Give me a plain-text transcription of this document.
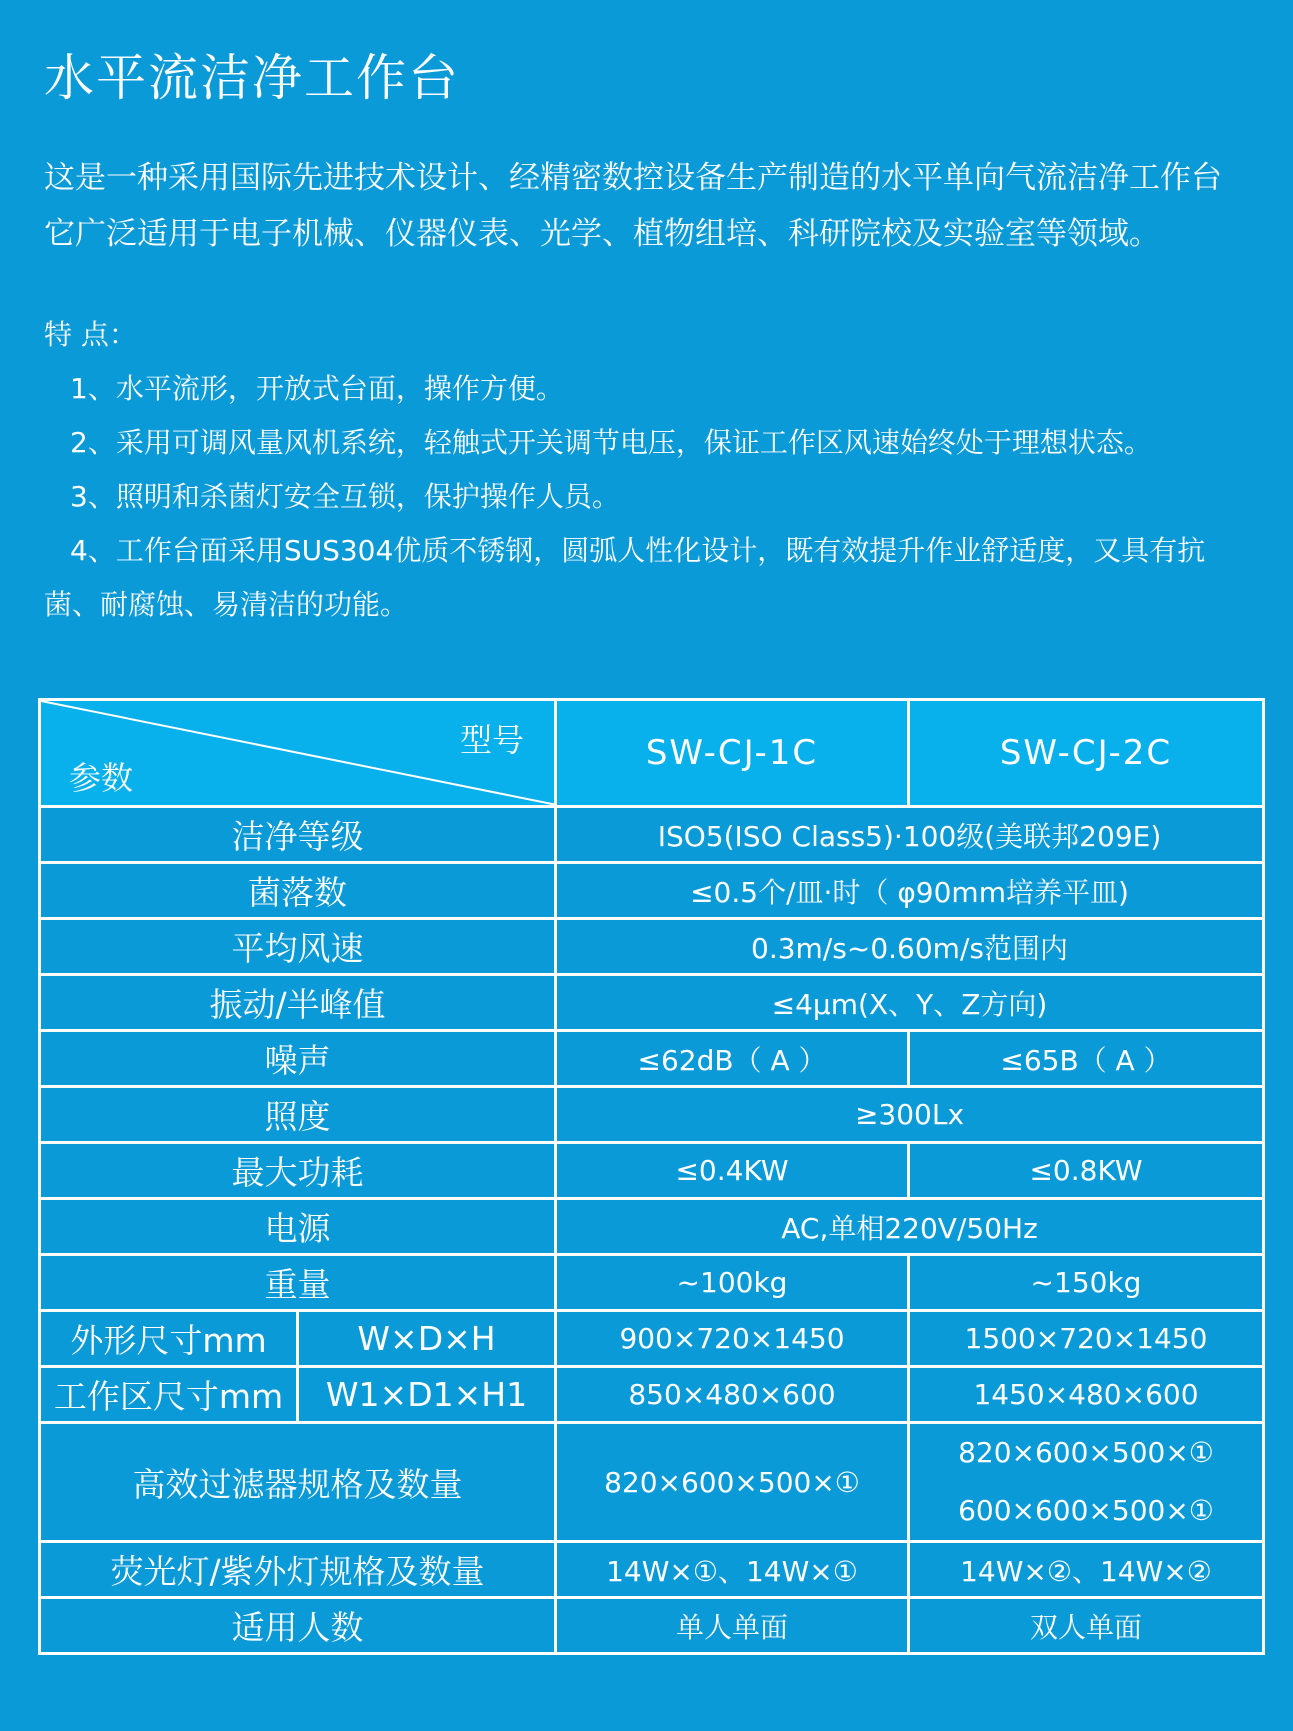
水平流洁净工作台
这是一种采用国际先进技术设计、经精密数控设备生产制造的水平单向气流洁净工作台
它广泛适用于电子机械、仪器仪表、光学、植物组培、科研院校及实验室等领域。
特 点：
1、水平流形，开放式台面，操作方便。
2、采用可调风量风机系统，轻触式开关调节电压，保证工作区风速始终处于理想状态。
3、照明和杀菌灯安全互锁，保护操作人员。
4、工作台面采用SUS304优质不锈钢，圆弧人性化设计，既有效提升作业舒适度，又具有抗
菌、耐腐蚀、易清洁的功能。
型号
参数		SW-CJ-1C	SW-CJ-2C
洁净等级		ISO5(ISO Class5)·100级(美联邦209E)	
菌落数		≤0.5个/皿·时（ φ90mm培养平皿)	
平均风速		0.3m/s~0.60m/s范围内	
振动/半峰值		≤4μm(X、Y、Z方向)	
噪声		≤62dB（ A ）	≤65B（ A ）
照度		≥300Lx	
最大功耗		≤0.4KW	≤0.8KW
电源		AC,单相220V/50Hz	
重量		~100kg	~150kg
外形尺寸mm	W×D×H	900×720×1450	1500×720×1450
工作区尺寸mm	W1×D1×H1	850×480×600	1450×480×600
高效过滤器规格及数量		820×600×500×①	820×600×500×①
600×600×500×①

荧光灯/紫外灯规格及数量		14W×①、14W×①	14W×②、14W×②
适用人数		单人单面	双人单面
